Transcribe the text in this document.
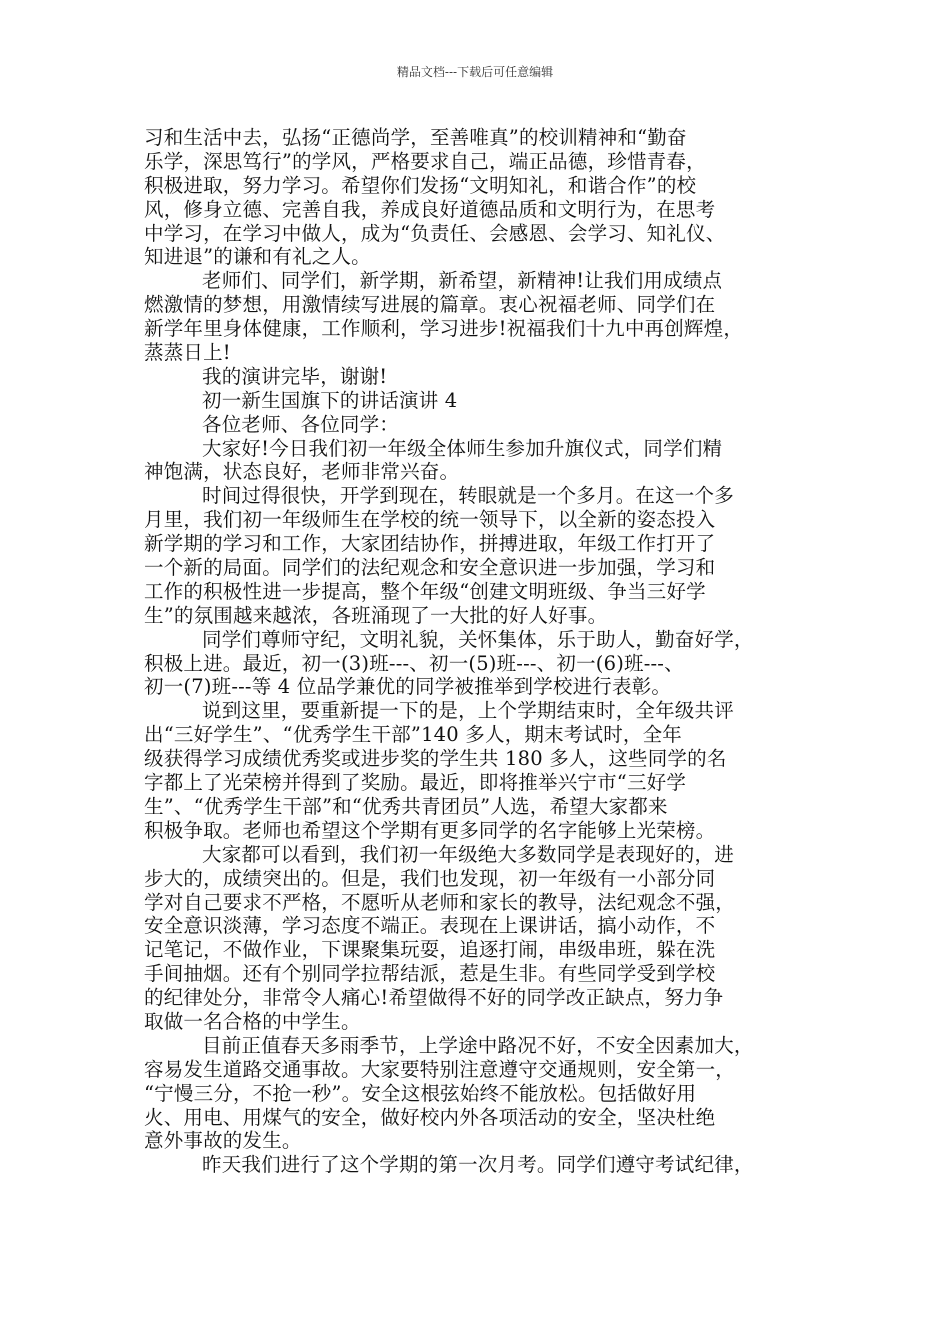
精品文档---下载后可任意编辑
习和生活中去，弘扬“正德尚学，至善唯真”的校训精神和“勤奋
乐学，深思笃行”的学风，严格要求自己，端正品德，珍惜青春，
积极进取，努力学习。希望你们发扬“文明知礼，和谐合作”的校
风，修身立德、完善自我，养成良好道德品质和文明行为，在思考
中学习，在学习中做人，成为“负责任、会感恩、会学习、知礼仪、
知进退”的谦和有礼之人。
老师们、同学们，新学期，新希望，新精神!让我们用成绩点
燃激情的梦想，用激情续写进展的篇章。衷心祝福老师、同学们在
新学年里身体健康，工作顺利，学习进步!祝福我们十九中再创辉煌，
蒸蒸日上!
我的演讲完毕，谢谢!
初一新生国旗下的讲话演讲 4
各位老师、各位同学：
大家好!今日我们初一年级全体师生参加升旗仪式，同学们精
神饱满，状态良好，老师非常兴奋。
时间过得很快，开学到现在，转眼就是一个多月。在这一个多
月里，我们初一年级师生在学校的统一领导下，以全新的姿态投入
新学期的学习和工作，大家团结协作，拼搏进取，年级工作打开了
一个新的局面。同学们的法纪观念和安全意识进一步加强，学习和
工作的积极性进一步提高，整个年级“创建文明班级、争当三好学
生”的氛围越来越浓，各班涌现了一大批的好人好事。
同学们尊师守纪，文明礼貌，关怀集体，乐于助人，勤奋好学，
积极上进。最近，初一(3)班---、初一(5)班---、初一(6)班---、
初一(7)班---等 4 位品学兼优的同学被推举到学校进行表彰。
说到这里，要重新提一下的是，上个学期结束时，全年级共评
出“三好学生”、“优秀学生干部”140 多人，期末考试时，全年
级获得学习成绩优秀奖或进步奖的学生共 180 多人，这些同学的名
字都上了光荣榜并得到了奖励。最近，即将推举兴宁市“三好学
生”、“优秀学生干部”和“优秀共青团员”人选，希望大家都来
积极争取。老师也希望这个学期有更多同学的名字能够上光荣榜。
大家都可以看到，我们初一年级绝大多数同学是表现好的，进
步大的，成绩突出的。但是，我们也发现，初一年级有一小部分同
学对自己要求不严格，不愿听从老师和家长的教导，法纪观念不强，
安全意识淡薄，学习态度不端正。表现在上课讲话，搞小动作，不
记笔记，不做作业，下课聚集玩耍，追逐打闹，串级串班，躲在洗
手间抽烟。还有个别同学拉帮结派，惹是生非。有些同学受到学校
的纪律处分，非常令人痛心!希望做得不好的同学改正缺点，努力争
取做一名合格的中学生。
目前正值春天多雨季节，上学途中路况不好，不安全因素加大，
容易发生道路交通事故。大家要特别注意遵守交通规则，安全第一，
“宁慢三分，不抢一秒”。安全这根弦始终不能放松。包括做好用
火、用电、用煤气的安全，做好校内外各项活动的安全，坚决杜绝
意外事故的发生。
昨天我们进行了这个学期的第一次月考。同学们遵守考试纪律，
